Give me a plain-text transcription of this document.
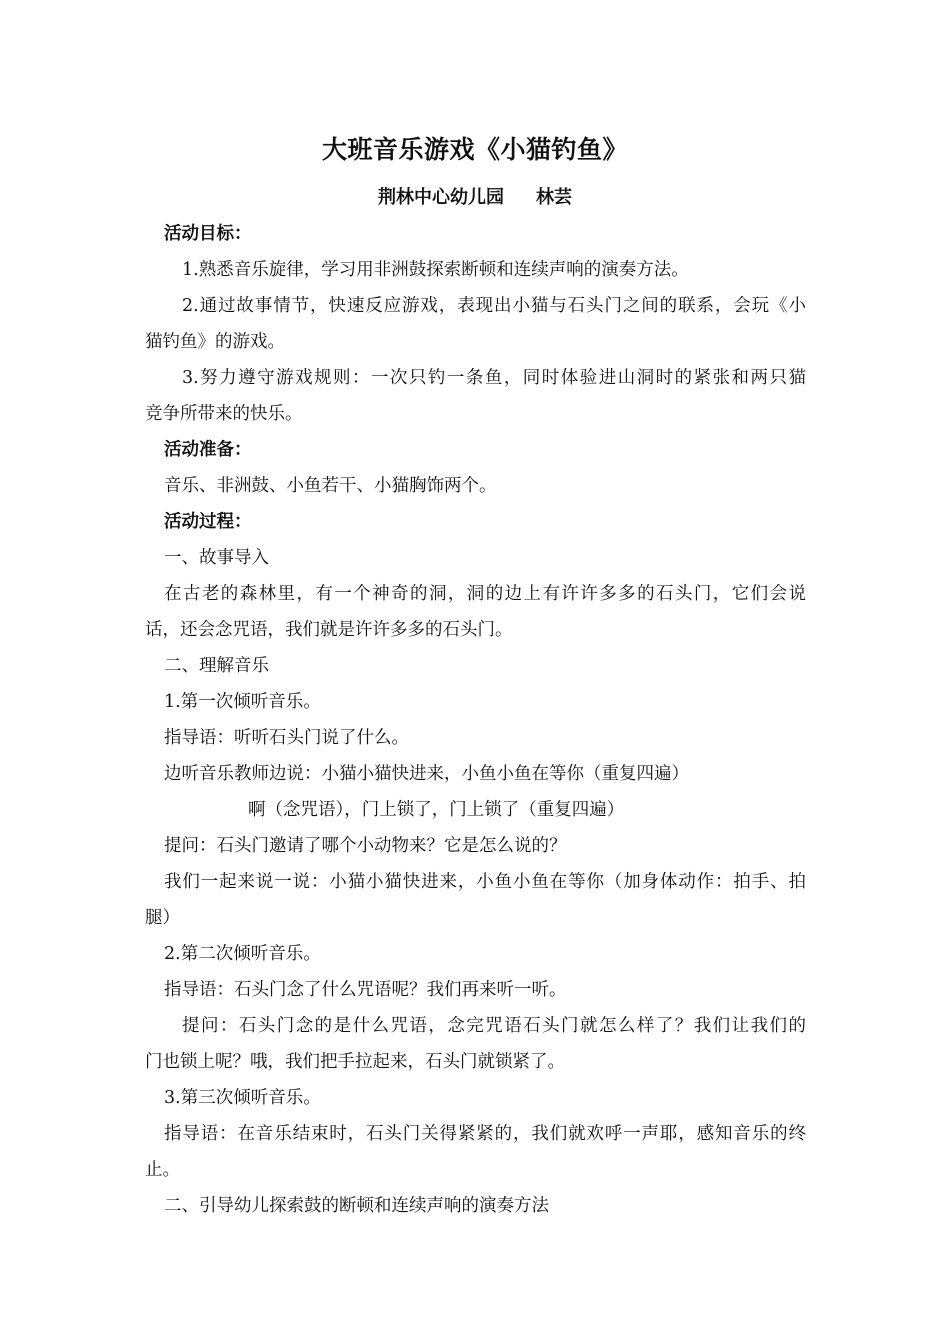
大班音乐游戏《小猫钓鱼》
荆林中心幼儿园 林芸
活动目标：
1.熟悉音乐旋律，学习用非洲鼓探索断顿和连续声响的演奏方法。
2.通过故事情节，快速反应游戏，表现出小猫与石头门之间的联系，会玩《小
猫钓鱼》的游戏。
3.努力遵守游戏规则：一次只钓一条鱼，同时体验进山洞时的紧张和两只猫
竞争所带来的快乐。
活动准备：
音乐、非洲鼓、小鱼若干、小猫胸饰两个。
活动过程：
一、故事导入
在古老的森林里，有一个神奇的洞，洞的边上有许许多多的石头门，它们会说
话，还会念咒语，我们就是许许多多的石头门。
二、理解音乐
1.第一次倾听音乐。
指导语：听听石头门说了什么。
边听音乐教师边说：小猫小猫快进来，小鱼小鱼在等你（重复四遍）
啊（念咒语），门上锁了，门上锁了（重复四遍）
提问：石头门邀请了哪个小动物来？它是怎么说的？
我们一起来说一说：小猫小猫快进来，小鱼小鱼在等你（加身体动作：拍手、拍
腿）
2.第二次倾听音乐。
指导语：石头门念了什么咒语呢？我们再来听一听。
提问：石头门念的是什么咒语，念完咒语石头门就怎么样了？我们让我们的
门也锁上呢？哦，我们把手拉起来，石头门就锁紧了。
3.第三次倾听音乐。
指导语：在音乐结束时，石头门关得紧紧的，我们就欢呼一声耶，感知音乐的终
止。
二、引导幼儿探索鼓的断顿和连续声响的演奏方法
